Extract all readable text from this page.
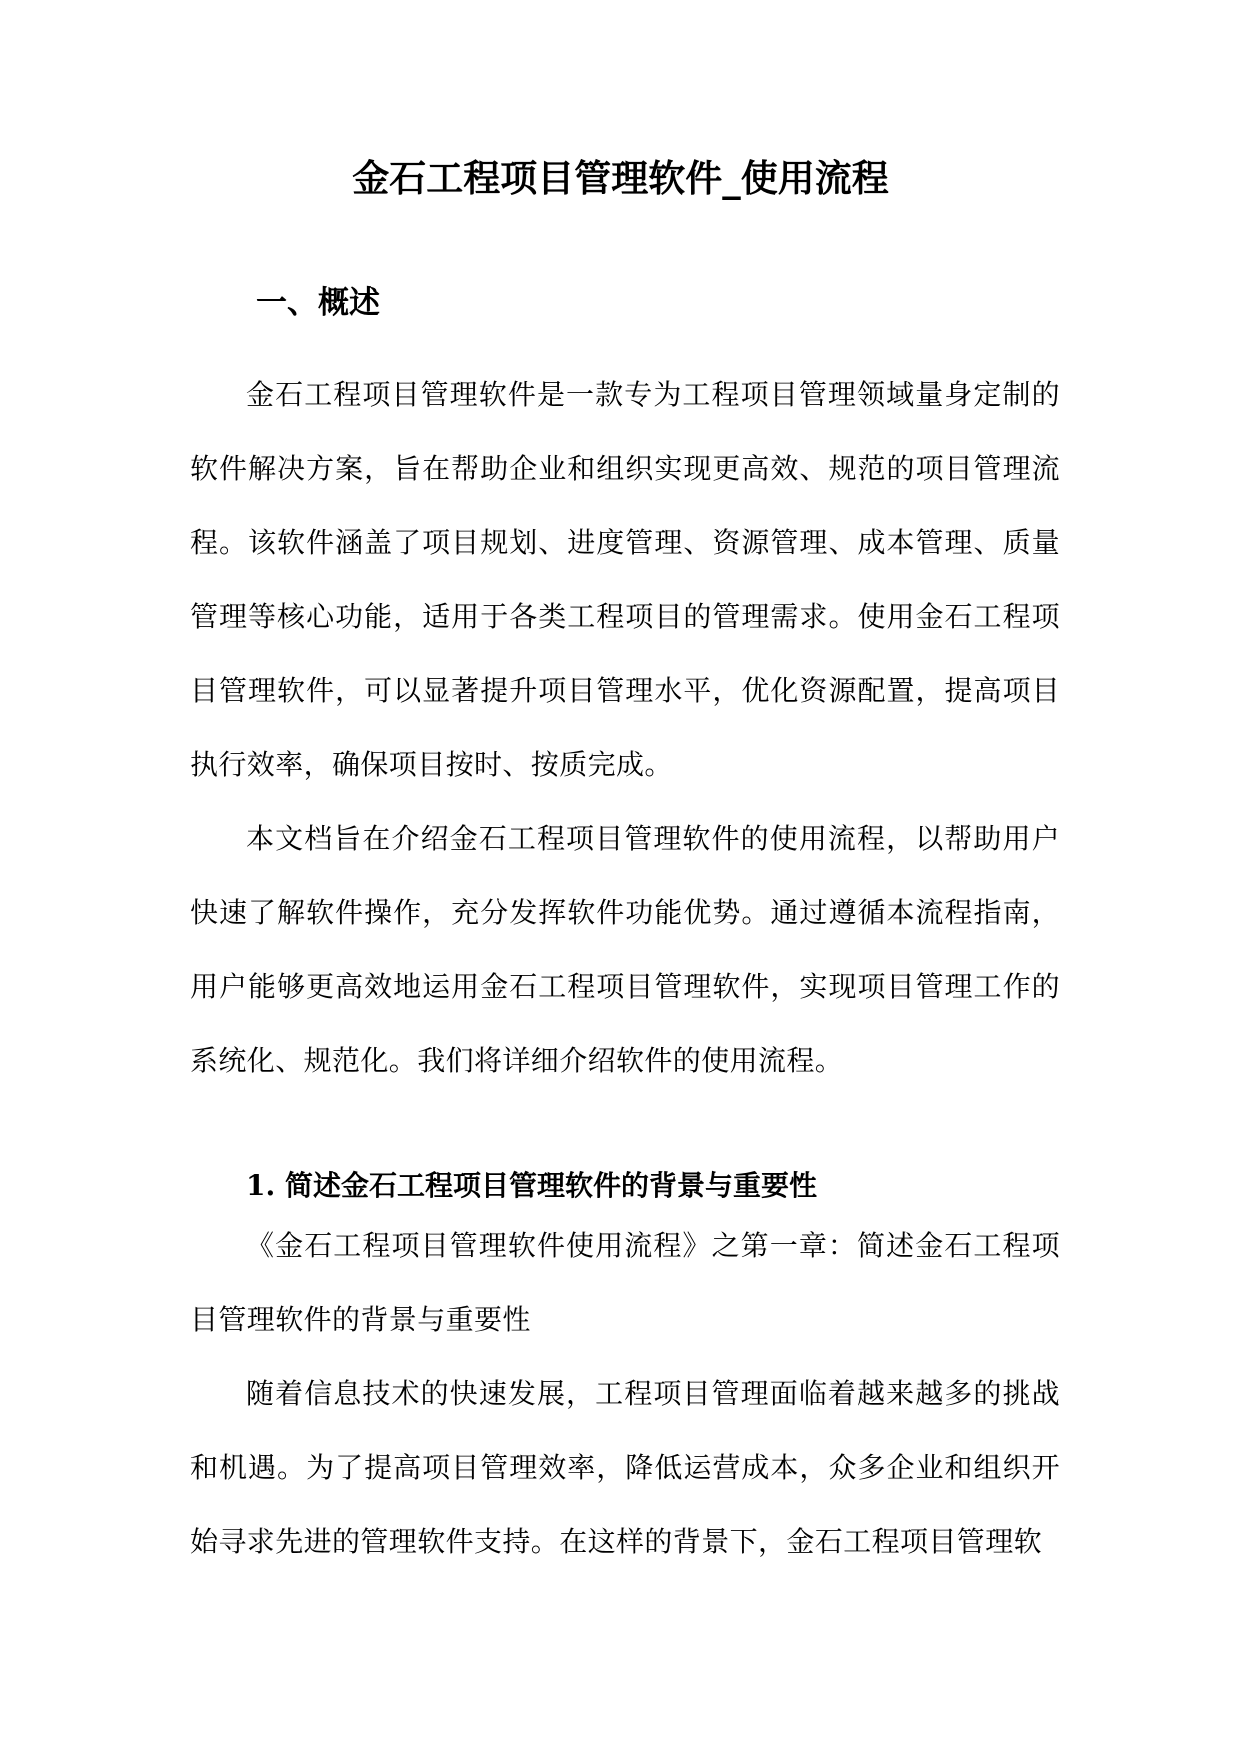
金石工程项目管理软件_使用流程
一、概述

金石工程项目管理软件是一款专为工程项目管理领域量身定制的软件解决方案，旨在帮助企业和组织实现更高效、规范的项目管理流程。该软件涵盖了项目规划、进度管理、资源管理、成本管理、质量管理等核心功能，适用于各类工程项目的管理需求。使用金石工程项目管理软件，可以显著提升项目管理水平，优化资源配置，提高项目执行效率，确保项目按时、按质完成。

本文档旨在介绍金石工程项目管理软件的使用流程，以帮助用户快速了解软件操作，充分发挥软件功能优势。通过遵循本流程指南，用户能够更高效地运用金石工程项目管理软件，实现项目管理工作的系统化、规范化。我们将详细介绍软件的使用流程。

1. 简述金石工程项目管理软件的背景与重要性

《金石工程项目管理软件使用流程》之第一章：简述金石工程项目管理软件的背景与重要性

随着信息技术的快速发展，工程项目管理面临着越来越多的挑战和机遇。为了提高项目管理效率，降低运营成本，众多企业和组织开始寻求先进的管理软件支持。在这样的背景下，金石工程项目管理软
